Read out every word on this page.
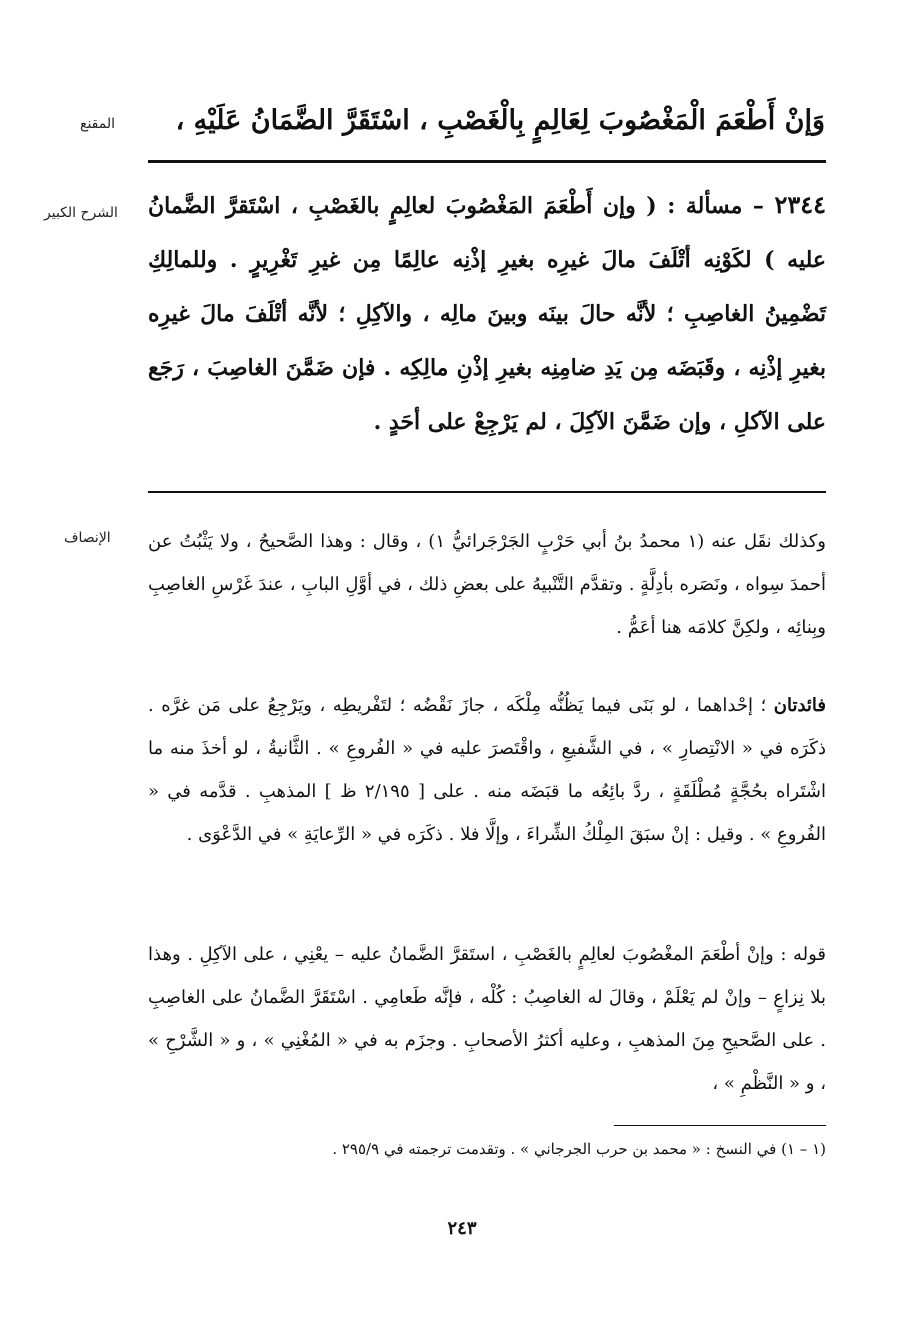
المقنع	وَإنْ أَطْعَمَ الْمَغْصُوبَ لِعَالِمٍ بِالْغَصْبِ ، اسْتَقَرَّ الضَّمَانُ عَلَيْهِ ،
الشرح الكبير	٢٣٤٤ – مسألة : ( وإن أَطْعَمَ المَغْصُوبَ لعالِمٍ بالغَصْبِ ، اسْتَقرَّ الضَّمانُ عليه ) لكَوْنِه أتْلَفَ مالَ غيرِه بغيرِ إذْنِه عالِمًا مِن غيرِ تَغْرِيرٍ . وللمالِكِ تَضْمِينُ الغاصِبِ ؛ لأنَّه حالَ بينَه وبينَ مالِه ، والآكِلِ ؛ لأنَّه أتْلَفَ مالَ غيرِه بغيرِ إذْنِه ، وقَبَضَه مِن يَدِ ضامِنِه بغيرِ إذْنِ مالِكِه . فإن ضَمَّنَ الغاصِبَ ، رَجَع على الآكلِ ، وإن ضَمَّنَ الآكِلَ ، لم يَرْجِعْ على أحَدٍ .
الإنصاف وكذلك نقَل عنه (١ محمدُ بنُ أبي حَرْبٍ الجَرْجَرائيُّ ١) ، وقال : وهذا الصَّحيحُ ، ولا يَثْبُتُ عن أحمدَ سِواه ، ونَصَره بأدِلَّةٍ . وتقدَّم التَّنْبيهُ على بعضِ ذلك ، في أوَّلِ البابِ ، عندَ غَرْسِ الغاصِبِ وبِنائِه ، ولكِنَّ كلامَه هنا أعَمُّ .
فائدتان ؛ إحْداهما ، لو بَنَى فيما يَظُنُّه مِلْكَه ، جازَ نَقْضُه ؛ لتَفْريطِه ، ويَرْجِعُ على مَن غرَّه . ذكَرَه في « الانْتِصارِ » ، في الشَّفيعِ ، واقْتَصرَ عليه في « الفُروعِ » . الثَّانيةُ ، لو أخذَ منه ما اشْتَراه بحُجَّةٍ مُطْلَقَةٍ ، ردَّ بائِعُه ما قبَضَه منه . على [ ٢/١٩٥ ظ ] المذهبِ . قدَّمه في « الفُروعِ » . وقيل : إنْ سبَقَ المِلْكُ الشِّراءَ ، وإلَّا فلا . ذكَرَه في « الرِّعايَةِ » في الدَّعْوَى .
قوله : وإنْ أطْعَمَ المغْصُوبَ لعالِمٍ بالغَصْبِ ، استَقرَّ الضَّمانُ عليه – يعْنِي ، على الآكِلِ . وهذا بلا نِزاعٍ – وإنْ لم يَعْلَمْ ، وقالَ له الغاصِبُ : كُلْه ، فإنَّه طَعامِي . اسْتَقَرَّ الضَّمانُ على الغاصِبِ . على الصَّحيحِ مِنَ المذهبِ ، وعليه أكثرُ الأصحابِ . وجزَم به في « المُغْنِي » ، و « الشَّرْحِ » ، و « النَّظْمِ » ،
(١ – ١) في النسخ : « محمد بن حرب الجرجاني » . وتقدمت ترجمته في ٢٩٥/٩ .
٢٤٣
